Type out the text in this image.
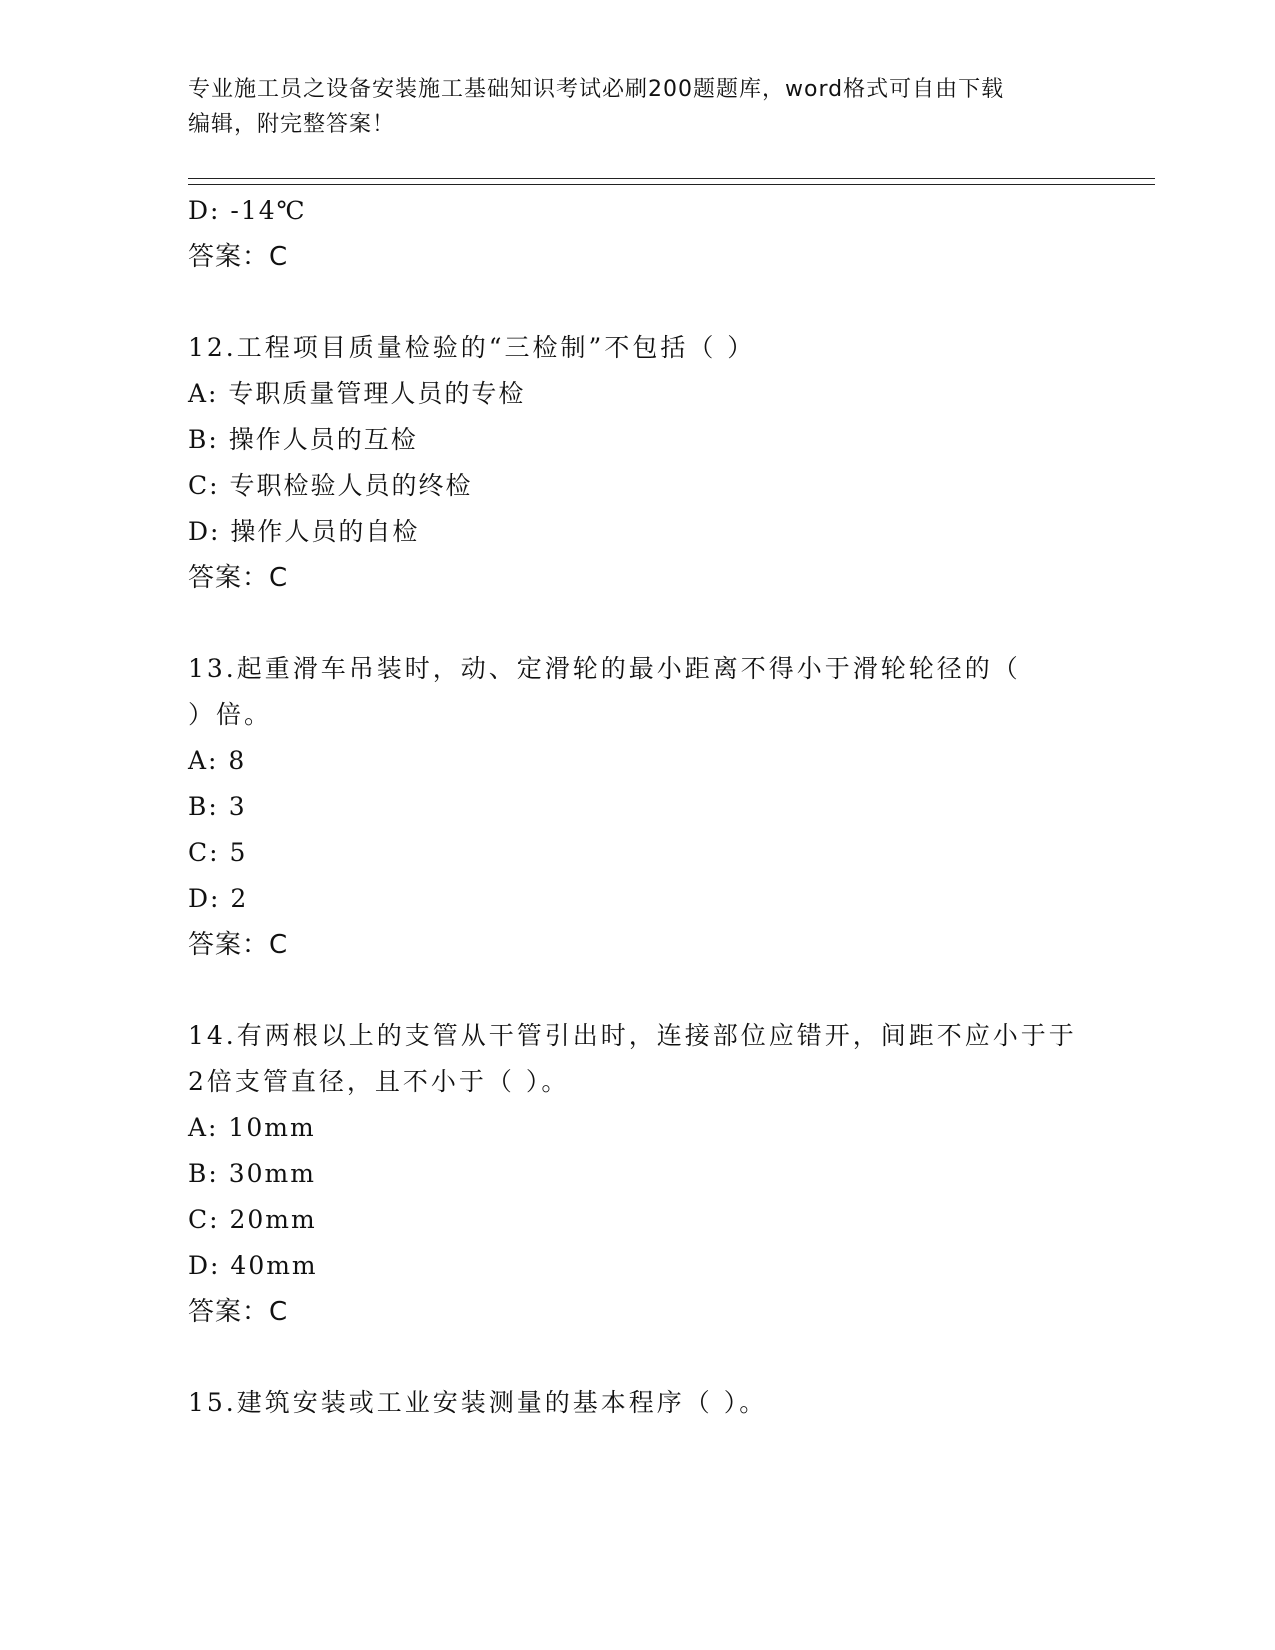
专业施工员之设备安装施工基础知识考试必刷200题题库，word格式可自由下载
编辑，附完整答案！
D: -14℃
答案：C
12.工程项目质量检验的“三检制”不包括（ ）
A: 专职质量管理人员的专检
B: 操作人员的互检
C: 专职检验人员的终检
D: 操作人员的自检
答案：C
13.起重滑车吊装时，动、定滑轮的最小距离不得小于滑轮轮径的（
）倍。
A: 8
B: 3
C: 5
D: 2
答案：C
14.有两根以上的支管从干管引出时，连接部位应错开，间距不应小于于
2倍支管直径，且不小于（ ）。
A: 10mm
B: 30mm
C: 20mm
D: 40mm
答案：C
15.建筑安装或工业安装测量的基本程序（ ）。
